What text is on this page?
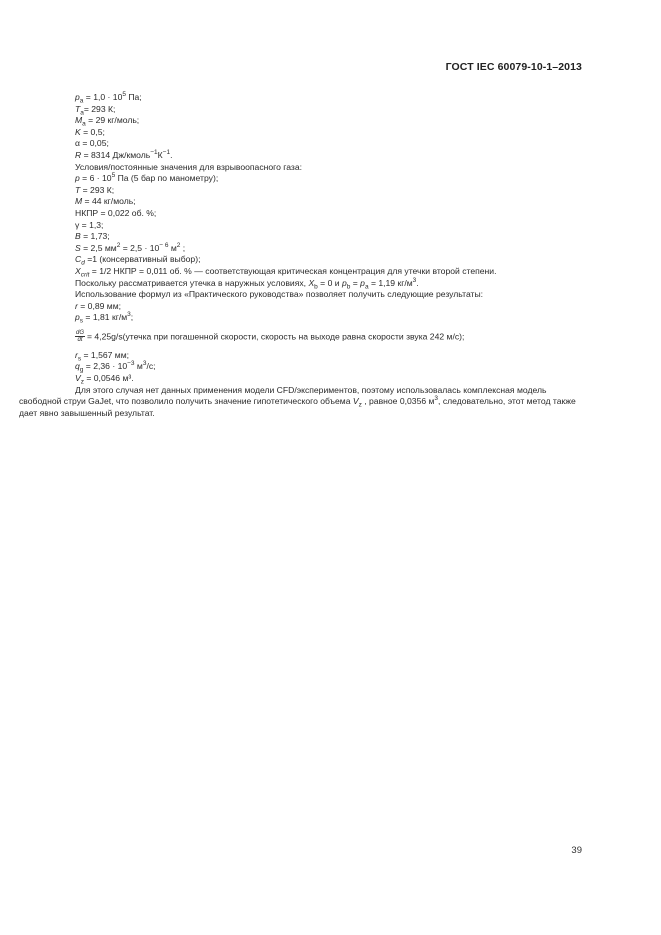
ГОСТ IEC 60079-10-1–2013
$p_a = 1,0 \cdot 10^5$ Па;
$T_a= 293$ К;
$M_a = 29$ кг/моль;
K = 0,5;
α = 0,05;
R = 8314 $Дж/кмоль^{-1}К^{-1}$.
Условия/постоянные значения для взрывоопасного газа:
$p = 6 \cdot 10^5$ Па (5 бар по манометру);
T = 293 К;
M = 44 кг/моль;
НКПР = 0,022 об. %;
γ = 1,3;
B = 1,73;
S = 2,5 $мм^2 = 2,5 \cdot 10^{- 6}$ $м^2$ ;
$C_d =1$ (консервативный выбор);
$X_{crit} = 1/2$ НКПР = 0,011 об. % — соответствующая критическая концентрация для утечки второй степени.
Поскольку рассматривается утечка в наружных условиях, $X_b = 0$ и $p_b = p_a = 1,19$ $кг/м^3$.
Использование формул из «Практического руководства» позволяет получить следующие результаты:
r = 0,89 мм;
$p_s = 1,81$ $кг/м^3$;
$\frac{dG}{dt}$ = 4,25g/s(утечка при погашенной скорости, скорость на выходе равна скорости звука 242 м/с);
$r_s = 1,567$ мм;
$q_g = 2,36 \cdot 10^{-3}$ $м^3/с$;
$V_z = 0,0546$ м³.
Для этого случая нет данных применения модели CFD/экспериментов, поэтому использовалась комплексная модель свободной струи GaJet, что позволило получить значение гипотетического объема $V_z$ , равное 0,0356 $м^3$, следовательно, этот метод также дает явно завышенный результат.
39
